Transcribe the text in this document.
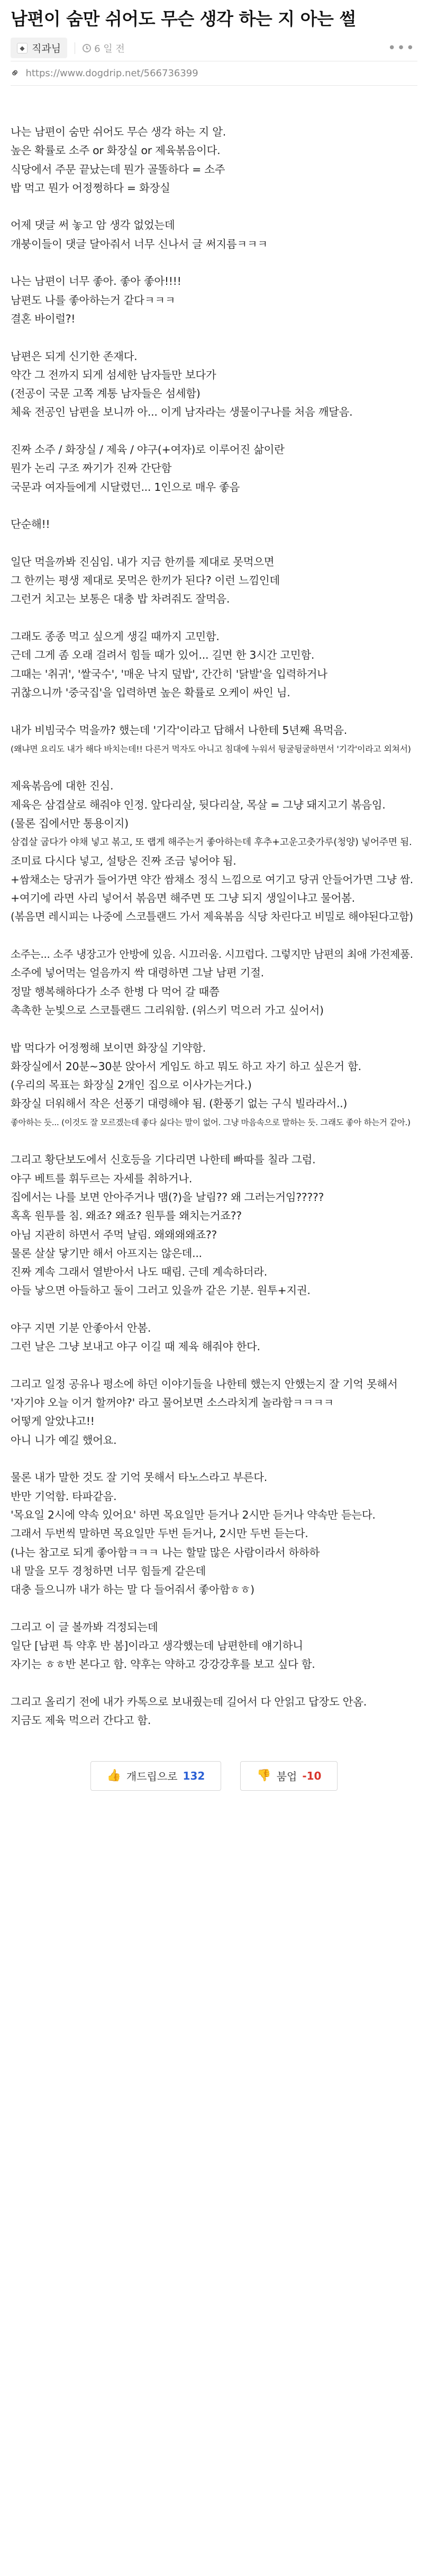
남편이 숨만 쉬어도 무슨 생각 하는 지 아는 썰
◆ 직과님	6 일 전	•••
⚭ https://www.dogdrip.net/566736399

나는 남편이 숨만 쉬어도 무슨 생각 하는 지 알.
높은 확률로 소주 or 화장실 or 제육볶음이다.
식당에서 주문 끝났는데 뭔가 골똘하다 = 소주
밥 먹고 뭔가 어정쩡하다 = 화장실

어제 댓글 써 놓고 암 생각 없었는데
개붕이들이 댓글 달아줘서 너무 신나서 글 써지름ㅋㅋㅋ

나는 남편이 너무 좋아. 좋아 좋아!!!!
남편도 나를 좋아하는거 같다ㅋㅋㅋ
결혼 바이럴?!

남편은 되게 신기한 존재다.
약간 그 전까지 되게 섬세한 남자들만 보다가
(전공이 국문 고쪽 계통 남자들은 섬세함)
체육 전공인 남편을 보니까 아... 이게 남자라는 생물이구나를 처음 깨달음.

진짜 소주 / 화장실 / 제육 / 야구(+여자)로 이루어진 삶이란
뭔가 논리 구조 짜기가 진짜 간단함
국문과 여자들에게 시달렸던... 1인으로 매우 좋음

단순해!!

일단 먹을까봐 진심임. 내가 지금 한끼를 제대로 못먹으면
그 한끼는 평생 제대로 못먹은 한끼가 된다? 이런 느낌인데
그런거 치고는 보통은 대충 밥 차려줘도 잘먹음.

그래도 종종 먹고 싶으게 생길 때까지 고민함.
근데 그게 좀 오래 걸려서 힘들 때가 있어... 길면 한 3시간 고민함.
그때는 '취귀', '쌀국수', '매운 낙지 덮밥', 간간히 '닭발'을 입력하거나
귀찮으니까 '중국집'을 입력하면 높은 확률로 오케이 싸인 님.

내가 비빔국수 먹을까? 했는데 '기각'이라고 답해서 나한테 5년째 욕먹음.
(왜냐면 요리도 내가 해다 바치는데!! 다른거 먹자도 아니고 침대에 누워서 뒹굴뒹굴하면서 '기각'이라고 외쳐서)

제육볶음에 대한 진심.
제육은 삼겹살로 해줘야 인정. 앞다리살, 뒷다리살, 목살 = 그냥 돼지고기 볶음임.
(물론 집에서만 통용이지)
삼겹살 굽다가 야채 넣고 볶고, 또 랩게 해주는거 좋아하는데 후추+고운고춧가루(청양) 넣어주면 됨.
조미료 다시다 넣고, 설탕은 진짜 조금 넣어야 됨.
+쌈채소는 당귀가 들어가면 약간 쌈채소 정식 느낌으로 여기고 당귀 안들어가면 그냥 쌈.
+여기에 라면 사리 넣어서 볶음면 해주면 또 그냥 되지 생일이냐고 물어봄.
(볶음면 레시피는 나중에 스코틀랜드 가서 제육볶음 식당 차린다고 비밀로 해야된다고함)

소주는... 소주 냉장고가 안방에 있음. 시끄러움. 시끄럽다. 그렇지만 남편의 최애 가전제품.
소주에 넣어먹는 얼음까지 싹 대령하면 그날 남편 기절.
정말 행복해하다가 소주 한병 다 먹어 갈 때쯤
촉촉한 눈빛으로 스코틀랜드 그리워함. (위스키 먹으러 가고 싶어서)

밥 먹다가 어정쩡해 보이면 화장실 기약함.
화장실에서 20분~30분 앉아서 게임도 하고 뭐도 하고 자기 하고 싶은거 함.
(우리의 목표는 화장실 2개인 집으로 이사가는거다.)
화장실 더워해서 작은 선풍기 대령해야 됨. (환풍기 없는 구식 빌라라서..)
좋아하는 듯... (이것도 잘 모르겠는데 좋다 싫다는 말이 없어. 그냥 마음속으로 말하는 듯. 그래도 좋아 하는거 같아.)

그리고 황단보도에서 신호등을 기다리면 나한테 빠따를 칠라 그럼.
야구 베트를 휘두르는 자세를 취하거나.
집에서는 나를 보면 안아주거나 맴(?)을 날림?? 왜 그러는거임?????
혹혹 원투를 침. 왜죠? 왜죠? 원투를 왜치는거죠??
아님 지관히 하면서 주먹 날림. 왜왜왜왜죠??
물론 살살 닿기만 해서 아프지는 않은데...
진짜 계속 그래서 열받아서 나도 때림. 근데 계속하더라.
아들 낳으면 아들하고 둘이 그러고 있을까 같은 기분. 원투+지권.

야구 지면 기분 안좋아서 안봄.
그런 날은 그냥 보내고 야구 이길 때 제육 해줘야 한다.

그리고 일정 공유나 평소에 하던 이야기들을 나한테 했는지 안했는지 잘 기억 못해서
'자기야 오늘 이거 할꺼야?' 라고 물어보면 소스라치게 놀라함ㅋㅋㅋㅋ
어떻게 알았냐고!!
아니 니가 예길 했어요.

물론 내가 말한 것도 잘 기억 못해서 타노스라고 부른다.
반만 기억함. 타파같음.
'목요일 2시에 약속 있어요' 하면 목요일만 듣거나 2시만 듣거나 약속만 듣는다.
그래서 두번씩 말하면 목요일만 두번 듣거나, 2시만 두번 듣는다.
(나는 참고로 되게 좋아함ㅋㅋㅋ 나는 할말 많은 사람이라서 하하하
내 말을 모두 경청하면 너무 힘들게 같은데
대충 들으니까 내가 하는 말 다 들어줘서 좋아함ㅎㅎ)

그리고 이 글 볼까봐 걱정되는데
일단 [남편 특 약후 반 봄]이라고 생각했는데 남편한테 얘기하니
자기는 ㅎㅎ반 본다고 함. 약후는 약하고 강강강후를 보고 싶다 함.

그리고 올리기 전에 내가 카톡으로 보내줬는데 길어서 다 안읽고 답장도 안옴.
지금도 제육 먹으러 간다고 함.

👍 개드립으로 132	👎 붐업 -10
